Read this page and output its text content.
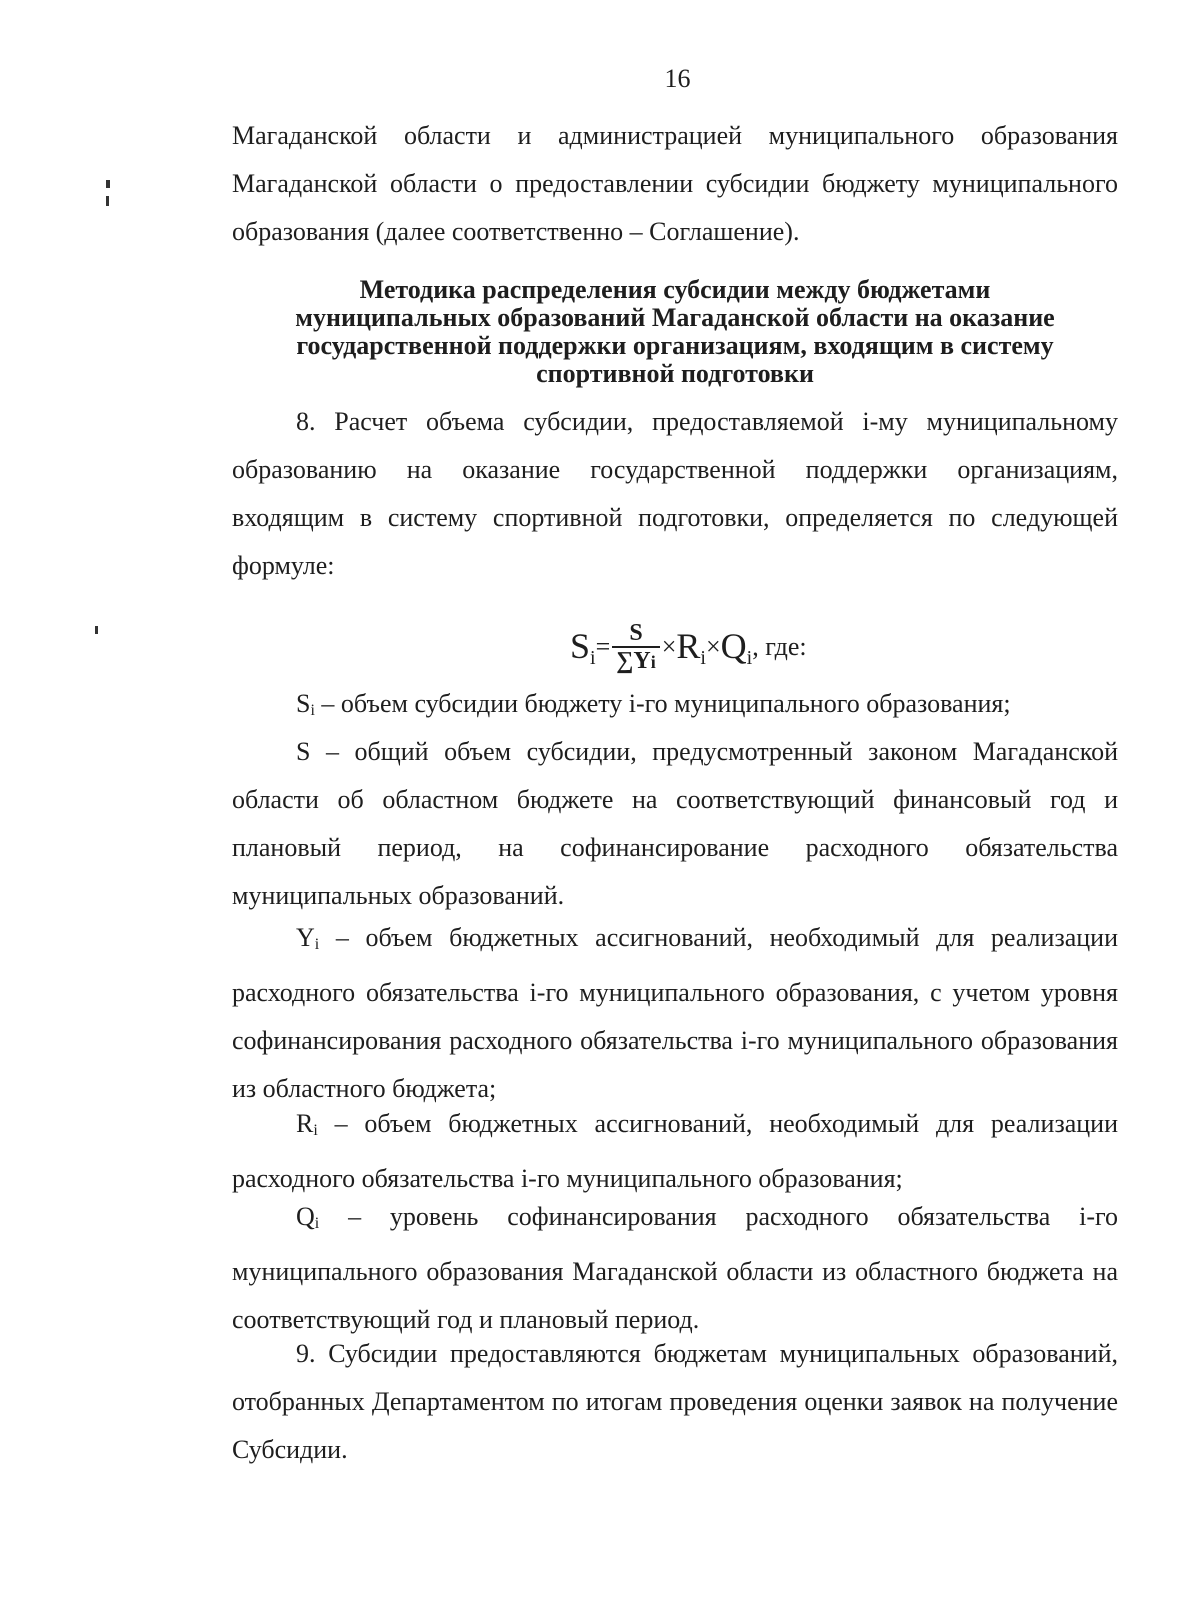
16
Магаданской области и администрацией муниципального образования Магаданской области о предоставлении субсидии бюджету муниципального образования (далее соответственно – Соглашение).
Методика распределения субсидии между бюджетами
муниципальных образований Магаданской области на оказание
государственной поддержки организациям, входящим в систему
спортивной подготовки
8. Расчет объема субсидии, предоставляемой i-му муниципальному образованию на оказание государственной поддержки организациям, входящим в систему спортивной подготовки, определяется по следующей формуле:
$S_i = \frac{S}{\sum Yi} \times R_i \times Q_i$ , где:
$S_i$ – объем субсидии бюджету i-го муниципального образования;
S – общий объем субсидии, предусмотренный законом Магаданской области об областном бюджете на соответствующий финансовый год и плановый период, на софинансирование расходного обязательства муниципальных образований.
$Y_i$ – объем бюджетных ассигнований, необходимый для реализации расходного обязательства i-го муниципального образования, с учетом уровня софинансирования расходного обязательства i-го муниципального образования из областного бюджета;
$R_i$ – объем бюджетных ассигнований, необходимый для реализации расходного обязательства i-го муниципального образования;
$Q_i$ – уровень софинансирования расходного обязательства i-го муниципального образования Магаданской области из областного бюджета на соответствующий год и плановый период.
9. Субсидии предоставляются бюджетам муниципальных образований, отобранных Департаментом по итогам проведения оценки заявок на получение Субсидии.
